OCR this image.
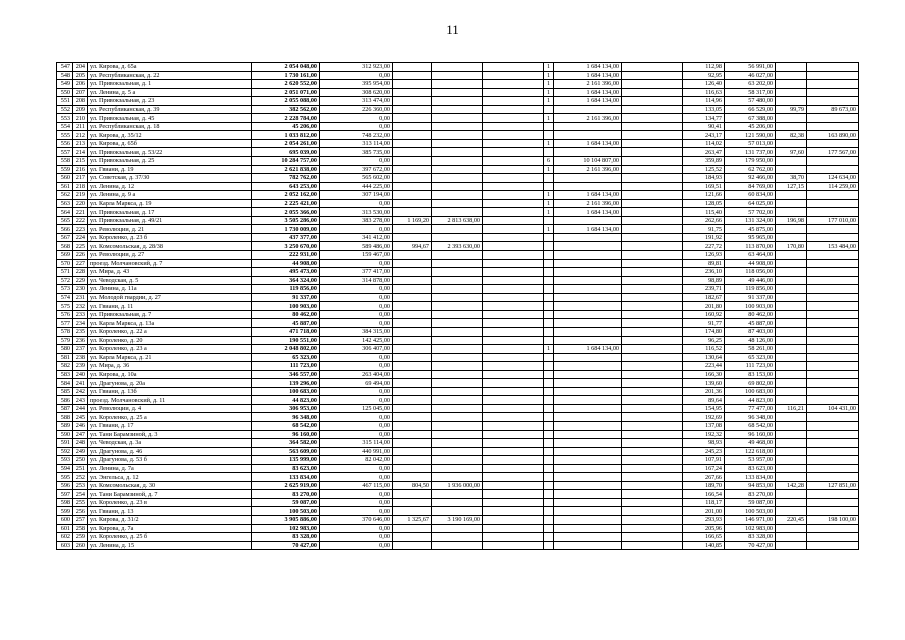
11
547	204	ул. Кирова, д. 65а	2 054 048,00	312 923,00				1	1 684 134,00		112,98	56 991,00		
548	205	ул. Республиканская, д. 22	1 730 161,00	0,00				1	1 684 134,00		92,95	46 027,00		
549	206	ул. Привокзальная, д. 1	2 620 552,00	395 954,00				1	2 161 396,00		126,40	63 202,00		
550	207	ул. Ленина, д. 5 а	2 051 071,00	308 620,00				1	1 684 134,00		116,63	58 317,00		
551	208	ул. Привокзальная, д. 23	2 055 088,00	313 474,00				1	1 684 134,00		114,96	57 480,00		
552	209	ул. Республиканская, д. 39	382 562,00	226 360,00							133,05	66 529,00	99,79	89 673,00
553	210	ул. Привокзальная, д. 45	2 228 784,00	0,00				1	2 161 396,00		134,77	67 388,00		
554	211	ул. Республиканская, д. 18	45 206,00	0,00							90,41	45 206,00		
555	212	ул. Кирова, д. 35/12	1 033 812,00	748 232,00							243,17	121 590,00	82,38	163 890,00
556	213	ул. Кирова, д. 65б	2 054 261,00	313 114,00				1	1 684 134,00		114,02	57 013,00		
557	214	ул. Привокзальная, д. 53/22	695 039,00	385 735,00							263,47	131 737,00	97,60	177 567,00
558	215	ул. Привокзальная, д. 25	10 284 757,00	0,00				6	10 104 807,00		359,89	179 950,00		
559	216	ул. Гвиани, д. 19	2 621 838,00	397 672,00				1	2 161 396,00		125,52	62 762,00		
560	217	ул. Советская, д. 37/30	782 762,00	565 602,00							184,93	92 466,00	38,70	124 634,00
561	218	ул. Ленина, д. 12	643 253,00	444 225,00							169,51	84 769,00	127,15	114 259,00
562	219	ул. Ленина, д. 9 а	2 052 162,00	307 194,00				1	1 684 134,00		121,66	60 834,00		
563	220	ул. Карла Маркса, д. 19	2 225 421,00	0,00				1	2 161 396,00		128,05	64 025,00		
564	221	ул. Привокзальная, д. 17	2 055 366,00	313 530,00				1	1 684 134,00		115,40	57 702,00		
565	222	ул. Привокзальная, д. 49/21	3 505 286,00	383 278,00	1 169,20	2 813 638,00					262,66	131 324,00	196,98	177 010,00
566	223	ул. Революции, д. 21	1 730 009,00	0,00				1	1 684 134,00		91,75	45 875,00		
567	224	ул. Короленко, д. 23 б	437 377,00	341 412,00							191,92	95 965,00		
568	225	ул. Комсомольская, д. 28/38	3 250 670,00	589 486,00	994,67	2 393 630,00					227,72	113 870,00	170,80	153 484,00
569	226	ул. Революции, д. 27	222 931,00	159 467,00							126,93	63 464,00		
570	227	проезд. Молчановский, д. 7	44 908,00	0,00							89,81	44 908,00		
571	228	ул. Мира, д. 43	495 473,00	377 417,00							236,10	118 056,00		
572	229	ул. Чеводская, д. 5	364 324,00	314 878,00							98,89	49 446,00		
573	230	ул. Ленина, д. 11а	119 856,00	0,00							239,71	119 856,00		
574	231	ул. Молодой гвардии, д. 27	91 337,00	0,00							182,67	91 337,00		
575	232	ул. Гвиани, д. 11	100 903,00	0,00							201,80	100 903,00		
576	233	ул. Привокзальная, д. 7	80 462,00	0,00							160,92	80 462,00		
577	234	ул. Карла Маркса, д. 13а	45 887,00	0,00							91,77	45 887,00		
578	235	ул. Короленко, д. 22 а	471 718,00	384 315,00							174,80	87 403,00		
579	236	ул. Короленко, д. 20	190 551,00	142 425,00							96,25	48 126,00		
580	237	ул. Короленко, д. 23 а	2 048 802,00	306 407,00				1	1 684 134,00		116,52	58 261,00		
581	238	ул. Карла Маркса, д. 21	65 323,00	0,00							130,64	65 323,00		
582	239	ул. Мира, д. 36	111 723,00	0,00							223,44	111 723,00		
583	240	ул. Кирова, д. 10а	346 557,00	263 404,00							166,30	83 153,00		
584	241	ул. Драгунова, д. 20а	139 296,00	69 494,00							139,60	69 802,00		
585	242	ул. Гвиани, д. 13б	100 683,00	0,00							201,36	100 683,00		
586	243	проезд. Молчановский, д. 11	44 823,00	0,00							89,64	44 823,00		
587	244	ул. Революции, д. 4	306 953,00	125 045,00							154,95	77 477,00	116,21	104 431,00
588	245	ул. Короленко, д. 25 а	96 348,00	0,00							192,69	96 348,00		
589	246	ул. Гвиани, д. 17	68 542,00	0,00							137,08	68 542,00		
590	247	ул. Тани Барамзиной, д. 3	96 160,00	0,00							192,32	96 160,00		
591	248	ул. Чеводская, д. 3а	364 582,00	315 114,00							98,93	49 468,00		
592	249	ул. Драгунова, д. 46	563 609,00	440 991,00							245,23	122 618,00		
593	250	ул. Драгунова, д. 53 б	135 999,00	82 042,00							107,91	53 957,00		
594	251	ул. Ленина, д. 7а	83 623,00	0,00							167,24	83 623,00		
595	252	ул. Энгельса, д. 12	133 834,00	0,00							267,66	133 834,00		
596	253	ул. Комсомольская, д. 30	2 625 919,00	467 115,00	804,50	1 936 000,00					189,70	94 853,00	142,28	127 851,00
597	254	ул. Тани Барамзиной, д. 7	83 270,00	0,00							166,54	83 270,00		
598	255	ул. Короленко, д. 23 в	59 087,00	0,00							118,17	59 087,00		
599	256	ул. Гвиани, д. 13	100 503,00	0,00							201,00	100 503,00		
600	257	ул. Кирова, д. 31/2	3 905 886,00	370 646,00	1 325,67	3 190 169,00					293,93	146 971,00	220,45	198 100,00
601	258	ул. Кирова, д. 7а	102 983,00	0,00							205,96	102 983,00		
602	259	ул. Короленко, д. 25 б	83 328,00	0,00							166,65	83 328,00		
603	260	ул. Ленина, д. 15	70 427,00	0,00							140,85	70 427,00		
